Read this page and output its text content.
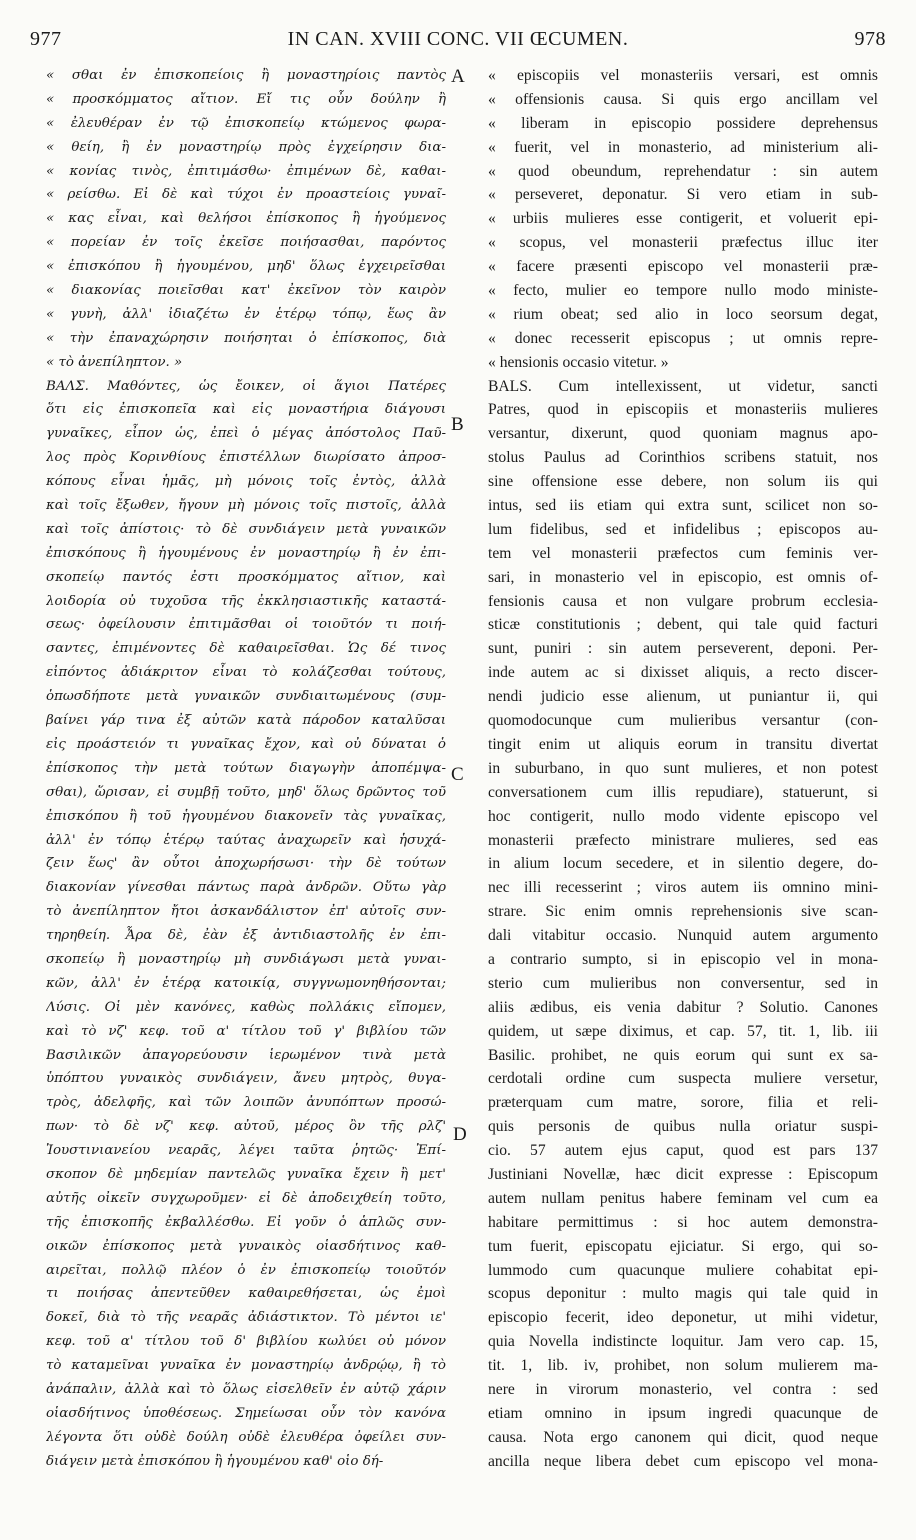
977	IN CAN. XVIII CONC. VII ŒCUMEN.	978
A
B
C
D
« σθαι ἐν ἐπισκοπείοις ἢ μοναστηρίοις παντὸς
« προσκόμματος αἴτιον. Εἴ τις οὖν δούλην ἢ
« ἐλευθέραν ἐν τῷ ἐπισκοπείῳ κτώμενος φωρα-
« θείη, ἢ ἐν μοναστηρίῳ πρὸς ἐγχείρησιν δια-
« κονίας τινὸς, ἐπιτιμάσθω· ἐπιμένων δὲ, καθαι-
« ρείσθω. Εἰ δὲ καὶ τύχοι ἐν προαστείοις γυναῖ-
« κας εἶναι, καὶ θελήσοι ἐπίσκοπος ἢ ἡγούμενος
« πορείαν ἐν τοῖς ἐκεῖσε ποιήσασθαι, παρόντος
« ἐπισκόπου ἢ ἡγουμένου, μηδ' ὅλως ἐγχειρεῖσθαι
« διακονίας ποιεῖσθαι κατ' ἐκεῖνον τὸν καιρὸν
« γυνὴ, ἀλλ' ἰδιαζέτω ἐν ἑτέρῳ τόπῳ, ἕως ἂν
« τὴν ἐπαναχώρησιν ποιήσηται ὁ ἐπίσκοπος, διὰ
« τὸ ἀνεπίληπτον. »
ΒΑΛΣ. Μαθόντες, ὡς ἔοικεν, οἱ ἅγιοι Πατέρες
ὅτι εἰς ἐπισκοπεῖα καὶ εἰς μοναστήρια διάγουσι
γυναῖκες, εἶπον ὡς, ἐπεὶ ὁ μέγας ἀπόστολος Παῦ-
λος πρὸς Κορινθίους ἐπιστέλλων διωρίσατο ἀπροσ-
κόπους εἶναι ἡμᾶς, μὴ μόνοις τοῖς ἐντὸς, ἀλλὰ
καὶ τοῖς ἔξωθεν, ἤγουν μὴ μόνοις τοῖς πιστοῖς, ἀλλὰ
καὶ τοῖς ἀπίστοις· τὸ δὲ συνδιάγειν μετὰ γυναικῶν
ἐπισκόπους ἢ ἡγουμένους ἐν μοναστηρίῳ ἢ ἐν ἐπι-
σκοπείῳ παντός ἐστι προσκόμματος αἴτιον, καὶ
λοιδορία οὐ τυχοῦσα τῆς ἐκκλησιαστικῆς καταστά-
σεως· ὀφείλουσιν ἐπιτιμᾶσθαι οἱ τοιοῦτόν τι ποιή-
σαντες, ἐπιμένοντες δὲ καθαιρεῖσθαι. Ὡς δέ τινος
εἰπόντος ἀδιάκριτον εἶναι τὸ κολάζεσθαι τούτους,
ὁπωσδήποτε μετὰ γυναικῶν συνδιαιτωμένους (συμ-
βαίνει γάρ τινα ἐξ αὐτῶν κατὰ πάροδον καταλῦσαι
εἰς προάστειόν τι γυναῖκας ἔχον, καὶ οὐ δύναται ὁ
ἐπίσκοπος τὴν μετὰ τούτων διαγωγὴν ἀποπέμψα-
σθαι), ὥρισαν, εἰ συμβῇ τοῦτο, μηδ' ὅλως δρῶντος τοῦ
ἐπισκόπου ἢ τοῦ ἡγουμένου διακονεῖν τὰς γυναῖκας,
ἀλλ' ἐν τόπῳ ἑτέρῳ ταύτας ἀναχωρεῖν καὶ ἡσυχά-
ζειν ἕως' ἂν οὗτοι ἀποχωρήσωσι· τὴν δὲ τούτων
διακονίαν γίνεσθαι πάντως παρὰ ἀνδρῶν. Οὕτω γὰρ
τὸ ἀνεπίληπτον ἤτοι ἀσκανδάλιστον ἐπ' αὐτοῖς συν-
τηρηθείη. Ἆρα δὲ, ἐὰν ἐξ ἀντιδιαστολῆς ἐν ἐπι-
σκοπείῳ ἢ μοναστηρίῳ μὴ συνδιάγωσι μετὰ γυναι-
κῶν, ἀλλ' ἐν ἑτέρᾳ κατοικίᾳ, συγγνωμονηθήσονται;
Λύσις. Οἱ μὲν κανόνες, καθὼς πολλάκις εἴπομεν,
καὶ τὸ νζ' κεφ. τοῦ α' τίτλου τοῦ γ' βιβλίου τῶν
Βασιλικῶν ἀπαγορεύουσιν ἱερωμένον τινὰ μετὰ
ὑπόπτου γυναικὸς συνδιάγειν, ἄνευ μητρὸς, θυγα-
τρὸς, ἀδελφῆς, καὶ τῶν λοιπῶν ἀνυπόπτων προσώ-
πων· τὸ δὲ νζ' κεφ. αὐτοῦ, μέρος ὂν τῆς ρλζ'
Ἰουστινιανείου νεαρᾶς, λέγει ταῦτα ῥητῶς· Ἐπί-
σκοπον δὲ μηδεμίαν παντελῶς γυναῖκα ἔχειν ἢ μετ'
αὐτῆς οἰκεῖν συγχωροῦμεν· εἰ δὲ ἀποδειχθείη τοῦτο,
τῆς ἐπισκοπῆς ἐκβαλλέσθω. Εἰ γοῦν ὁ ἁπλῶς συν-
οικῶν ἐπίσκοπος μετὰ γυναικὸς οἱασδήτινος καθ-
αιρεῖται, πολλῷ πλέον ὁ ἐν ἐπισκοπείῳ τοιοῦτόν
τι ποιήσας ἀπεντεῦθεν καθαιρεθήσεται, ὡς ἐμοὶ
δοκεῖ, διὰ τὸ τῆς νεαρᾶς ἀδιάστικτον. Τὸ μέντοι ιε'
κεφ. τοῦ α' τίτλου τοῦ δ' βιβλίου κωλύει οὐ μόνον
τὸ καταμεῖναι γυναῖκα ἐν μοναστηρίῳ ἀνδρῴῳ, ἢ τὸ
ἀνάπαλιν, ἀλλὰ καὶ τὸ ὅλως εἰσελθεῖν ἐν αὐτῷ χάριν
οἱασδήτινος ὑποθέσεως. Σημείωσαι οὖν τὸν κανόνα
λέγοντα ὅτι οὐδὲ δούλη οὐδὲ ἐλευθέρα ὀφείλει συν-
διάγειν μετὰ ἐπισκόπου ἢ ἡγουμένου καθ' οἱο δή-
« episcopiis vel monasteriis versari, est omnis
« offensionis causa. Si quis ergo ancillam vel
« liberam in episcopio possidere deprehensus
« fuerit, vel in monasterio, ad ministerium ali-
« quod obeundum, reprehendatur : sin autem
« perseveret, deponatur. Si vero etiam in sub-
« urbiis mulieres esse contigerit, et voluerit epi-
« scopus, vel monasterii præfectus illuc iter
« facere præsenti episcopo vel monasterii præ-
« fecto, mulier eo tempore nullo modo ministe-
« rium obeat; sed alio in loco seorsum degat,
« donec recesserit episcopus ; ut omnis repre-
« hensionis occasio vitetur. »
BALS. Cum intellexissent, ut videtur, sancti
Patres, quod in episcopiis et monasteriis mulieres
versantur, dixerunt, quod quoniam magnus apo-
stolus Paulus ad Corinthios scribens statuit, nos
sine offensione esse debere, non solum iis qui
intus, sed iis etiam qui extra sunt, scilicet non so-
lum fidelibus, sed et infidelibus ; episcopos au-
tem vel monasterii præfectos cum feminis ver-
sari, in monasterio vel in episcopio, est omnis of-
fensionis causa et non vulgare probrum ecclesia-
sticæ constitutionis ; debent, qui tale quid facturi
sunt, puniri : sin autem perseverent, deponi. Per-
inde autem ac si dixisset aliquis, a recto discer-
nendi judicio esse alienum, ut puniantur ii, qui
quomodocunque cum mulieribus versantur (con-
tingit enim ut aliquis eorum in transitu divertat
in suburbano, in quo sunt mulieres, et non potest
conversationem cum illis repudiare), statuerunt, si
hoc contigerit, nullo modo vidente episcopo vel
monasterii præfecto ministrare mulieres, sed eas
in alium locum secedere, et in silentio degere, do-
nec illi recesserint ; viros autem iis omnino mini-
strare. Sic enim omnis reprehensionis sive scan-
dali vitabitur occasio. Nunquid autem argumento
a contrario sumpto, si in episcopio vel in mona-
sterio cum mulieribus non conversentur, sed in
aliis ædibus, eis venia dabitur ? Solutio. Canones
quidem, ut sæpe diximus, et cap. 57, tit. 1, lib. iii
Basilic. prohibet, ne quis eorum qui sunt ex sa-
cerdotali ordine cum suspecta muliere versetur,
præterquam cum matre, sorore, filia et reli-
quis personis de quibus nulla oriatur suspi-
cio. 57 autem ejus caput, quod est pars 137
Justiniani Novellæ, hæc dicit expresse : Episcopum
autem nullam penitus habere feminam vel cum ea
habitare permittimus : si hoc autem demonstra-
tum fuerit, episcopatu ejiciatur. Si ergo, qui so-
lummodo cum quacunque muliere cohabitat epi-
scopus deponitur : multo magis qui tale quid in
episcopio fecerit, ideo deponetur, ut mihi videtur,
quia Novella indistincte loquitur. Jam vero cap. 15,
tit. 1, lib. iv, prohibet, non solum mulierem ma-
nere in virorum monasterio, vel contra : sed
etiam omnino in ipsum ingredi quacunque de
causa. Nota ergo canonem qui dicit, quod neque
ancilla neque libera debet cum episcopo vel mona-
